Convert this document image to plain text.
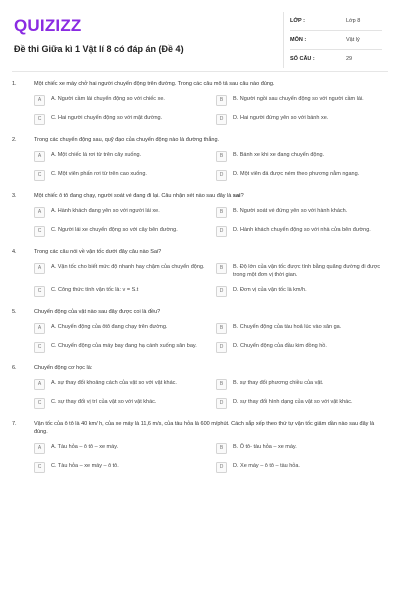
QUIZIZZ
Đề thi Giữa kì 1 Vật lí 8 có đáp án (Đề 4)
LỚP :	Lớp 8
MÔN :	Vật lý
SỐ CÂU :	29
1.	Một chiếc xe máy chở hai người chuyển động trên đường. Trong các câu mô tả sau câu nào đúng.
A	A. Người cầm lái chuyển động so với chiếc xe.	B	B. Người ngồi sau chuyển động so với người cầm lái.
C	C. Hai người chuyển động so với mặt đường.	D	D. Hai người đứng yên so với bánh xe.
2.	Trong các chuyển động sau, quỹ đạo của chuyển động nào là đường thẳng.
A	A. Một chiếc lá rơi từ trên cây xuống.	B	B. Bánh xe khi xe đang chuyển động.
C	C. Một viên phấn rơi từ trên cao xuống.	D	D. Một viên đá được ném theo phương nằm ngang.
3.	Một chiếc ô tô đang chạy, người soát vé đang đi lại. Câu nhận xét nào sau đây là sai?
A	A. Hành khách đang yên so với người lái xe.	B	B. Người soát vé đứng yên so với hành khách.
C	C. Người lái xe chuyển động so với cây bên đường.	D	D. Hành khách chuyển động so với nhà cửa bên đường.
4.	Trong các câu nói về vận tốc dưới đây câu nào Sai?
A	A. Vận tốc cho biết mức độ nhanh hay chậm của chuyển động.	B	B. Độ lớn của vận tốc được tính bằng quãng đường đi được trong một đơn vị thời gian.
C	C. Công thức tính vận tốc là: v = S.t	D	D. Đơn vị của vận tốc là km/h.
5.	Chuyển động của vật nào sau đây được coi là đều?
A	A. Chuyển động của ôtô đang chạy trên đường.	B	B. Chuyển động của tàu hoả lúc vào sân ga.
C	C. Chuyển động của máy bay đang hạ cánh xuống sân bay.	D	D. Chuyển động của đầu kim đồng hồ.
6.	Chuyển động cơ học là:
A	A. sự thay đổi khoảng cách của vật so với vật khác.	B	B. sự thay đổi phương chiều của vật.
C	C. sự thay đổi vị trí của vật so với vật khác.	D	D. sự thay đổi hình dạng của vật so với vật khác.
7.	Vận tốc của ô tô là 40 km/ h, của xe máy là 11,6 m/s, của tàu hỏa là 600 m/phút. Cách sắp xếp theo thứ tự vận tốc giảm dần nào sau đây là đúng.
A	A. Tàu hỏa – ô tô – xe máy.	B	B. Ô tô- tàu hỏa – xe máy.
C	C. Tàu hỏa – xe máy – ô tô.	D	D. Xe máy – ô tô – tàu hỏa.
